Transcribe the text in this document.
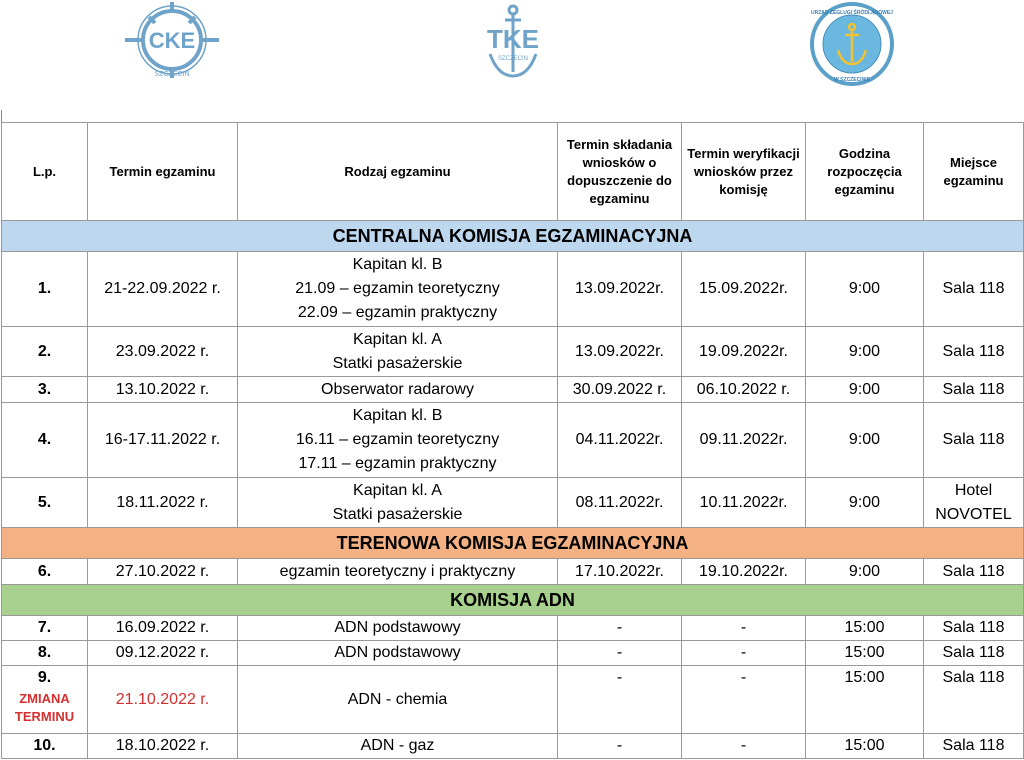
CKE
SZCZECIN
TKE
SZCZECIN
URZĄD ŻEGLUGI ŚRÓDLĄDOWEJ
W SZCZECINIE
L.p.	Termin egzaminu	Rodzaj egzaminu	Termin składania wniosków o dopuszczenie do egzaminu	Termin weryfikacji wniosków przez komisję	Godzina rozpoczęcia egzaminu	Miejsce egzaminu
CENTRALNA KOMISJA EGZAMINACYJNA						
1.	21-22.09.2022 r.	Kapitan kl. B
21.09 – egzamin teoretyczny
22.09 – egzamin praktyczny	13.09.2022r.	15.09.2022r.	9:00	Sala 118
2.	23.09.2022 r.	Kapitan kl. A
Statki pasażerskie	13.09.2022r.	19.09.2022r.	9:00	Sala 118
3.	13.10.2022 r.	Obserwator radarowy	30.09.2022 r.	06.10.2022 r.	9:00	Sala 118
4.	16-17.11.2022 r.	Kapitan kl. B
16.11 – egzamin teoretyczny
17.11 – egzamin praktyczny	04.11.2022r.	09.11.2022r.	9:00	Sala 118
5.	18.11.2022 r.	Kapitan kl. A
Statki pasażerskie	08.11.2022r.	10.11.2022r.	9:00	Hotel NOVOTEL
TERENOWA KOMISJA EGZAMINACYJNA						
6.	27.10.2022 r.	egzamin teoretyczny i praktyczny	17.10.2022r.	19.10.2022r.	9:00	Sala 118
KOMISJA ADN						
7.	16.09.2022 r.	ADN podstawowy	-	-	15:00	Sala 118
8.	09.12.2022 r.	ADN podstawowy	-	-	15:00	Sala 118

9.
ZMIANA TERMINU	21.10.2022 r.	ADN - chemia	-	-	15:00	Sala 118
10.	18.10.2022 r.	ADN - gaz	-	-	15:00	Sala 118
